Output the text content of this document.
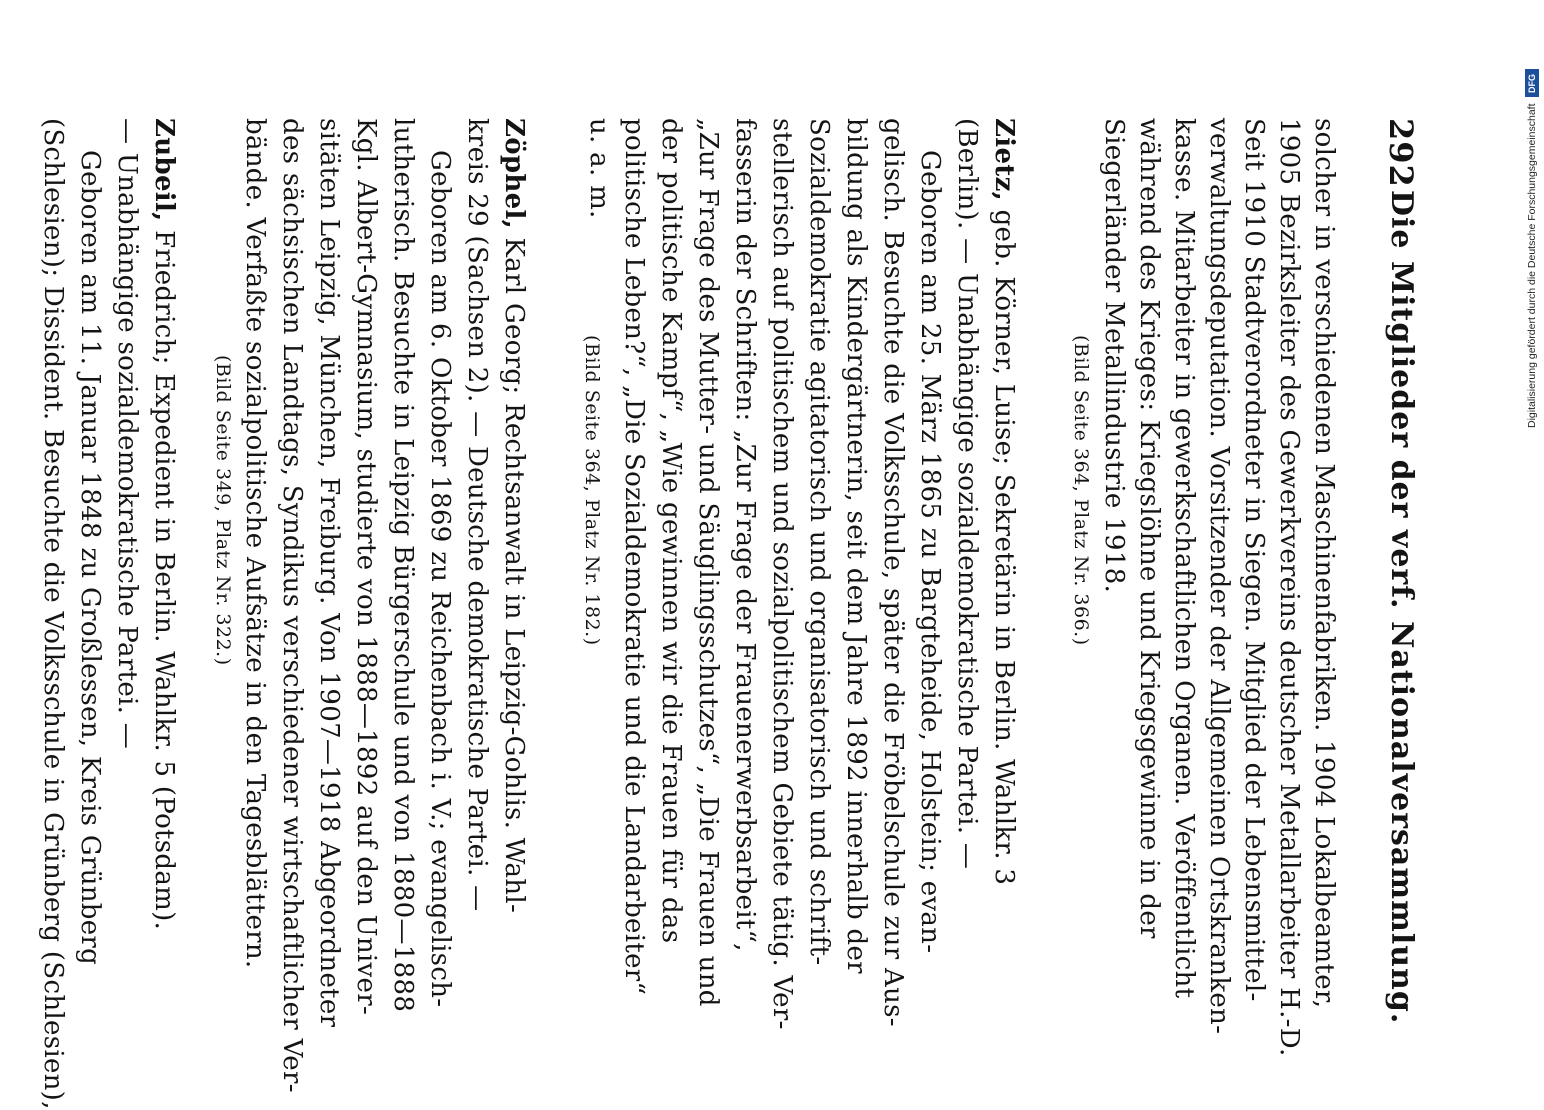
292
Die Mitglieder der verf. Nationalversammlung.
solcher in verschiedenen Maschinenfabriken. 1904 Lokalbeamter,
1905 Bezirksleiter des Gewerkvereins deutscher Metallarbeiter H.-D.
Seit 1910 Stadtverordneter in Siegen. Mitglied der Lebensmittel-
verwaltungsdeputation. Vorsitzender der Allgemeinen Ortskranken-
kasse. Mitarbeiter in gewerkschaftlichen Organen. Veröffentlicht
während des Krieges: Kriegslöhne und Kriegsgewinne in der
Siegerländer Metallindustrie 1918.
(Bild Seite 364, Platz Nr. 366.)
Zietz, geb. Körner, Luise; Sekretärin in Berlin. Wahlkr. 3
(Berlin). — Unabhängige sozialdemokratische Partei. —
Geboren am 25. März 1865 zu Bargteheide, Holstein; evan-
gelisch. Besuchte die Volksschule, später die Fröbelschule zur Aus-
bildung als Kindergärtnerin, seit dem Jahre 1892 innerhalb der
Sozialdemokratie agitatorisch und organisatorisch und schrift-
stellerisch auf politischem und sozialpolitischem Gebiete tätig. Ver-
fasserin der Schriften: „Zur Frage der Frauenerwerbsarbeit“,
„Zur Frage des Mutter- und Säuglingsschutzes“, „Die Frauen und
der politische Kampf“, „Wie gewinnen wir die Frauen für das
politische Leben?“, „Die Sozialdemokratie und die Landarbeiter“
u. a. m.
(Bild Seite 364, Platz Nr. 182.)
Zöphel, Karl Georg; Rechtsanwalt in Leipzig-Gohlis. Wahl-
kreis 29 (Sachsen 2). — Deutsche demokratische Partei. —
Geboren am 6. Oktober 1869 zu Reichenbach i. V.; evangelisch-
lutherisch. Besuchte in Leipzig Bürgerschule und von 1880—1888
Kgl. Albert-Gymnasium, studierte von 1888—1892 auf den Univer-
sitäten Leipzig, München, Freiburg. Von 1907—1918 Abgeordneter
des sächsischen Landtags, Syndikus verschiedener wirtschaftlicher Ver-
bände. Verfaßte sozialpolitische Aufsätze in den Tagesblättern.
(Bild Seite 349, Platz Nr. 322.)
Zubeil, Friedrich; Expedient in Berlin. Wahlkr. 5 (Potsdam).
— Unabhängige sozialdemokratische Partei. —
Geboren am 11. Januar 1848 zu Großlessen, Kreis Grünberg
(Schlesien); Dissident. Besuchte die Volksschule in Grünberg (Schlesien),	Digitalisierung gefördert durch die Deutsche Forschungsgemeinschaft
DFG
